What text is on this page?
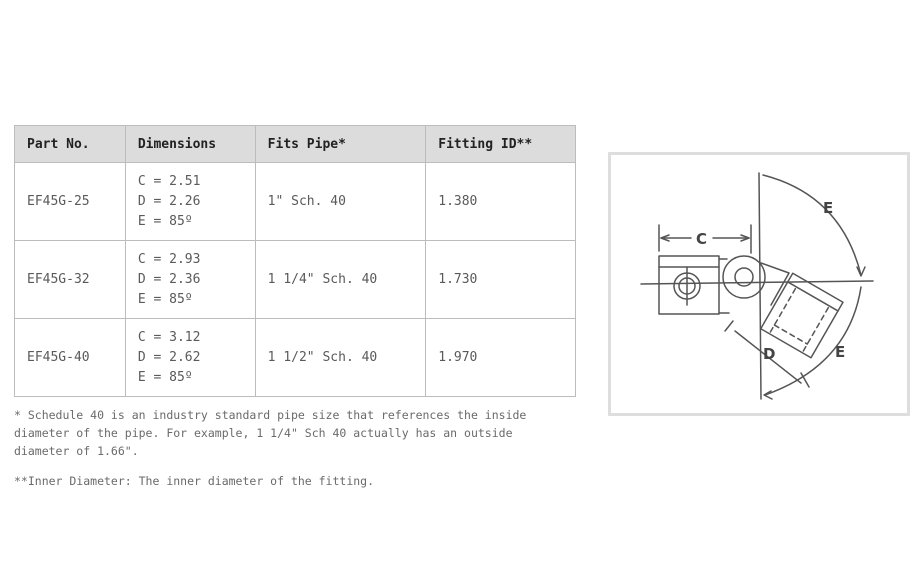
Part No.	Dimensions	Fits Pipe*	Fitting ID**
EF45G-25	C = 2.51
D = 2.26
E = 85º	1" Sch. 40	1.380
EF45G-32	C = 2.93
D = 2.36
E = 85º	1 1/4" Sch. 40	1.730
EF45G-40	C = 3.12
D = 2.62
E = 85º	1 1/2" Sch. 40	1.970

* Schedule 40 is an industry standard pipe size that references the inside diameter of the pipe. For example, 1 1/4" Sch 40 actually has an outside diameter of 1.66".

**Inner Diameter: The inner diameter of the fitting.

C
D
E
E
